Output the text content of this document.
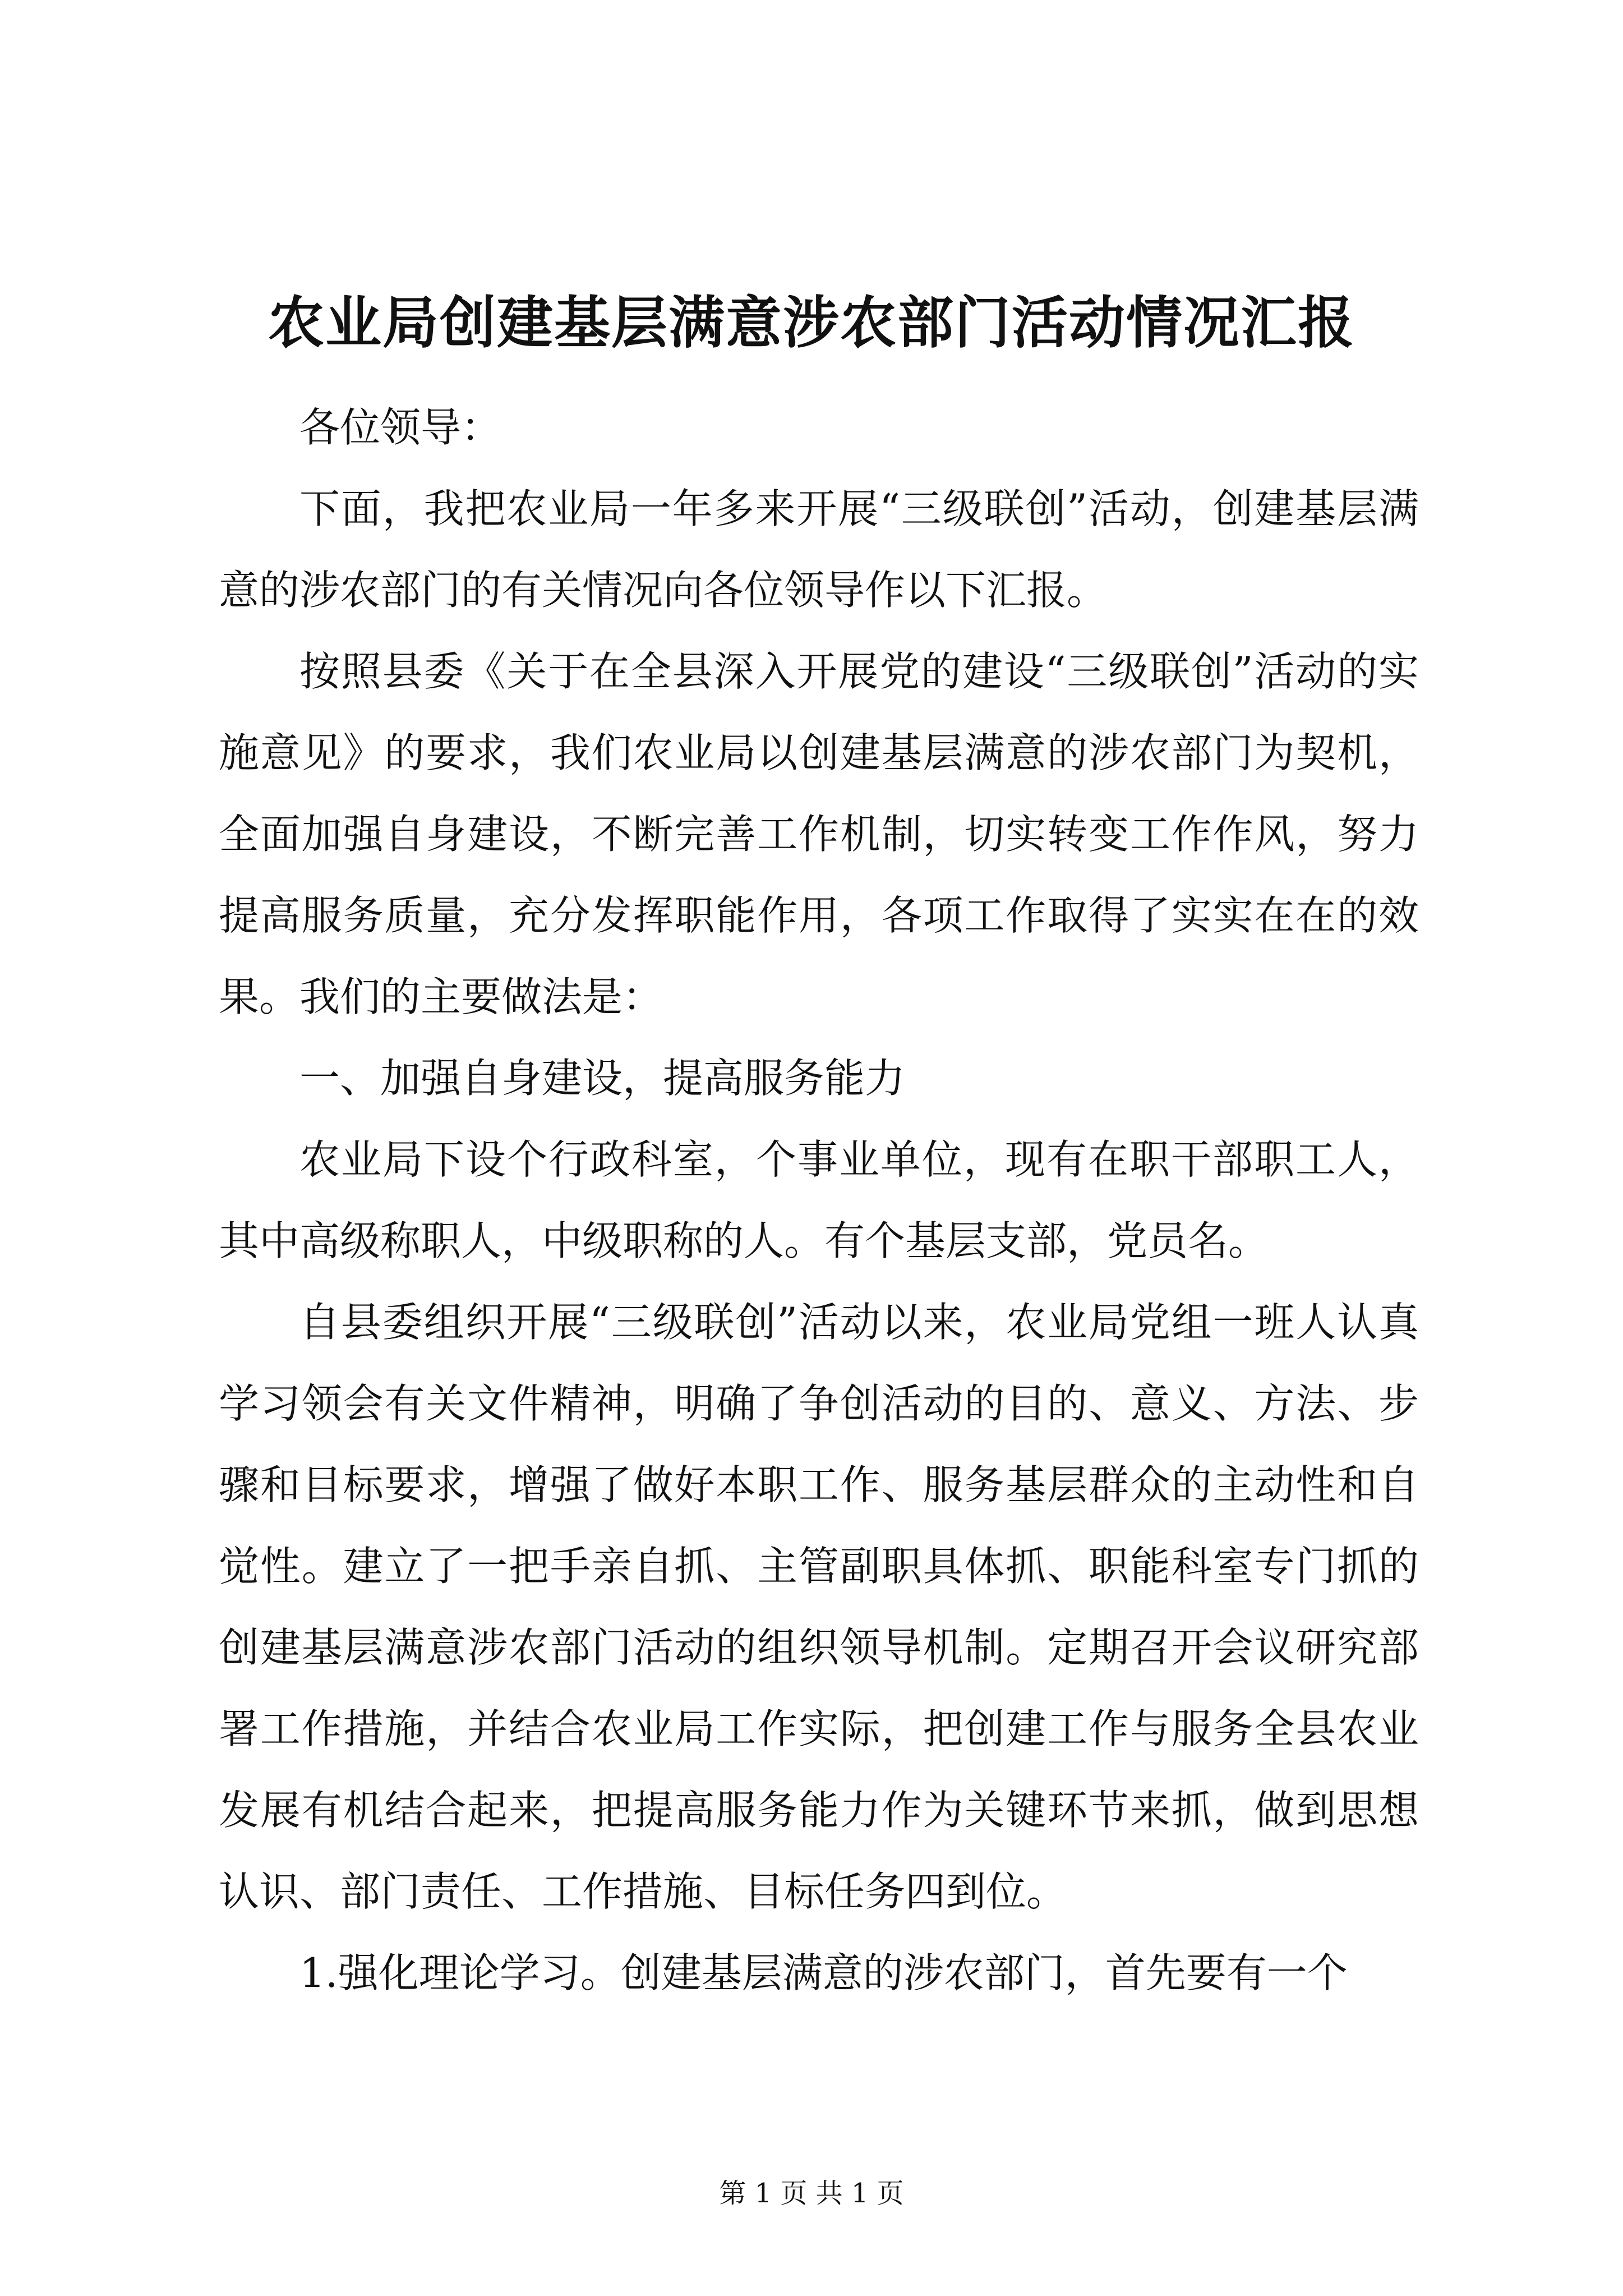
农业局创建基层满意涉农部门活动情况汇报

各位领导：

下面，我把农业局一年多来开展“三级联创”活动，创建基层满意的涉农部门的有关情况向各位领导作以下汇报。

按照县委《关于在全县深入开展党的建设“三级联创”活动的实施意见》的要求，我们农业局以创建基层满意的涉农部门为契机，全面加强自身建设，不断完善工作机制，切实转变工作作风，努力提高服务质量，充分发挥职能作用，各项工作取得了实实在在的效果。我们的主要做法是：

一、加强自身建设，提高服务能力

农业局下设个行政科室，个事业单位，现有在职干部职工人，其中高级称职人，中级职称的人。有个基层支部，党员名。

自县委组织开展“三级联创”活动以来，农业局党组一班人认真学习领会有关文件精神，明确了争创活动的目的、意义、方法、步骤和目标要求，增强了做好本职工作、服务基层群众的主动性和自觉性。建立了一把手亲自抓、主管副职具体抓、职能科室专门抓的创建基层满意涉农部门活动的组织领导机制。定期召开会议研究部署工作措施，并结合农业局工作实际，把创建工作与服务全县农业发展有机结合起来，把提高服务能力作为关键环节来抓，做到思想认识、部门责任、工作措施、目标任务四到位。

1.强化理论学习。创建基层满意的涉农部门，首先要有一个

第 1 页 共 1 页
